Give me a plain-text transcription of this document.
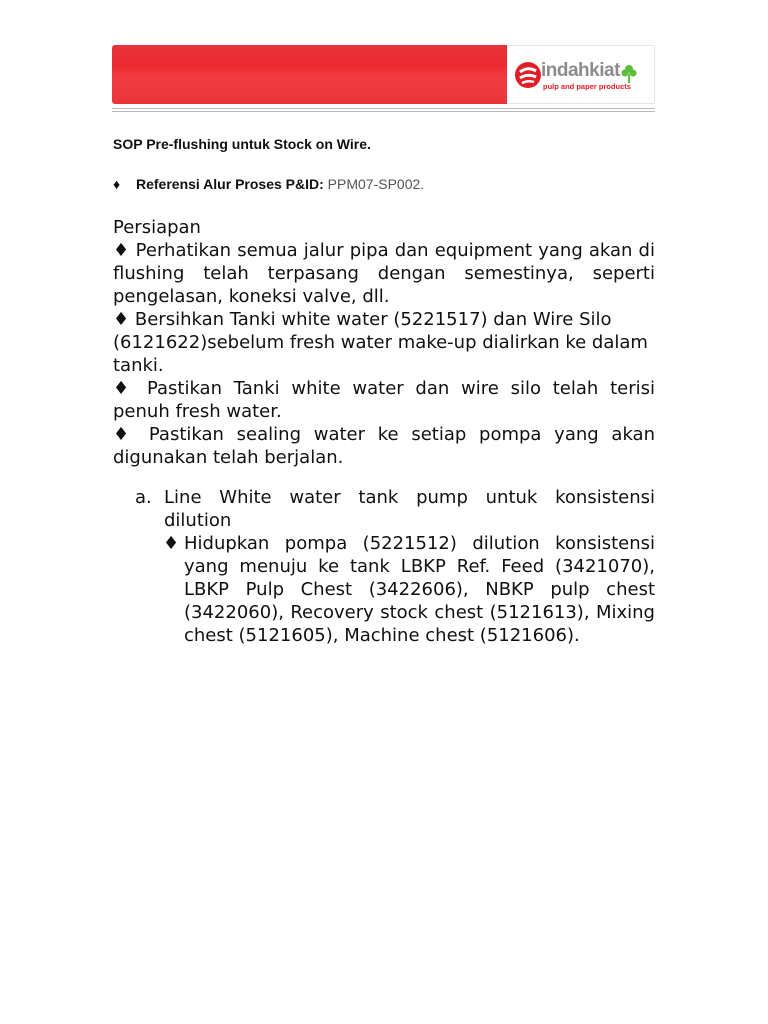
indahkiat
pulp and paper products
SOP Pre-flushing untuk Stock on Wire.
♦ Referensi Alur Proses P&ID: PPM07-SP002.

Persiapan

♦ Perhatikan semua jalur pipa dan equipment yang akan di flushing telah terpasang dengan semestinya, seperti pengelasan, koneksi valve, dll.

♦ Bersihkan Tanki white water (5221517) dan Wire Silo (6121622)sebelum fresh water make-up dialirkan ke dalam tanki.

♦ Pastikan Tanki white water dan wire silo telah terisi penuh fresh water.

♦ Pastikan sealing water ke setiap pompa yang akan digunakan telah berjalan.

a. Line White water tank pump untuk konsistensi dilution
♦ Hidupkan pompa (5221512) dilution konsistensi yang menuju ke tank LBKP Ref. Feed (3421070), LBKP Pulp Chest (3422606), NBKP pulp chest (3422060), Recovery stock chest (5121613), Mixing chest (5121605), Machine chest (5121606).
